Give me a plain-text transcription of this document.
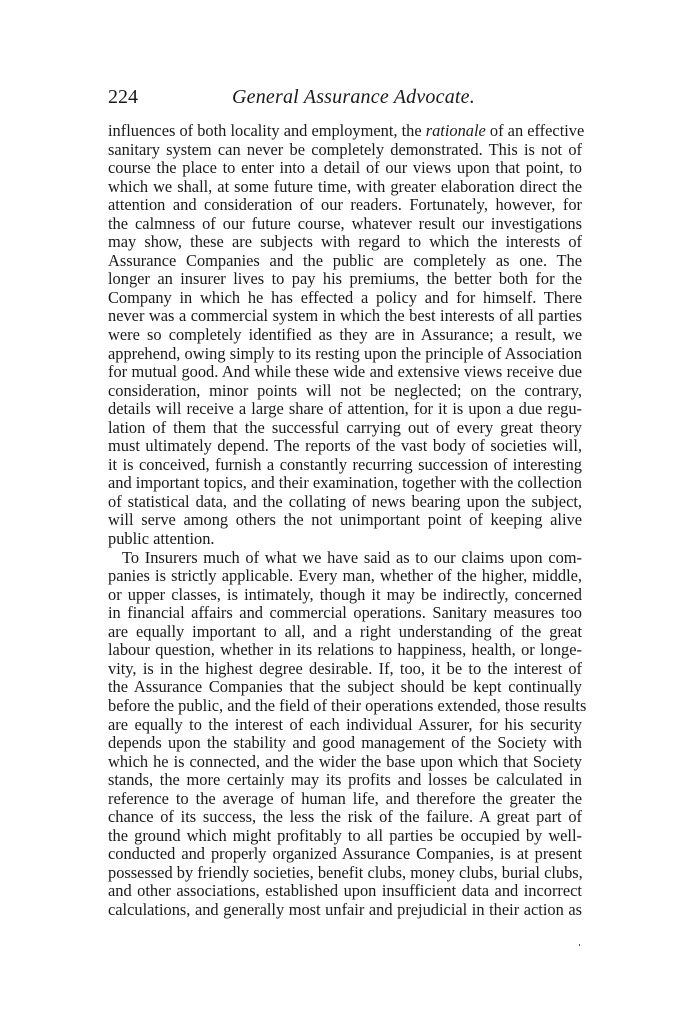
224	General Assurance Advocate.
influences of both locality and employment, the rationale of an effective
sanitary system can never be completely demonstrated. This is not of
course the place to enter into a detail of our views upon that point, to
which we shall, at some future time, with greater elaboration direct the
attention and consideration of our readers. Fortunately, however, for
the calmness of our future course, whatever result our investigations
may show, these are subjects with regard to which the interests of
Assurance Companies and the public are completely as one. The
longer an insurer lives to pay his premiums, the better both for the
Company in which he has effected a policy and for himself. There
never was a commercial system in which the best interests of all parties
were so completely identified as they are in Assurance; a result, we
apprehend, owing simply to its resting upon the principle of Association
for mutual good. And while these wide and extensive views receive due
consideration, minor points will not be neglected; on the contrary,
details will receive a large share of attention, for it is upon a due regu-
lation of them that the successful carrying out of every great theory
must ultimately depend. The reports of the vast body of societies will,
it is conceived, furnish a constantly recurring succession of interesting
and important topics, and their examination, together with the collection
of statistical data, and the collating of news bearing upon the subject,
will serve among others the not unimportant point of keeping alive
public attention.
To Insurers much of what we have said as to our claims upon com-
panies is strictly applicable. Every man, whether of the higher, middle,
or upper classes, is intimately, though it may be indirectly, concerned
in financial affairs and commercial operations. Sanitary measures too
are equally important to all, and a right understanding of the great
labour question, whether in its relations to happiness, health, or longe-
vity, is in the highest degree desirable. If, too, it be to the interest of
the Assurance Companies that the subject should be kept continually
before the public, and the field of their operations extended, those results
are equally to the interest of each individual Assurer, for his security
depends upon the stability and good management of the Society with
which he is connected, and the wider the base upon which that Society
stands, the more certainly may its profits and losses be calculated in
reference to the average of human life, and therefore the greater the
chance of its success, the less the risk of the failure. A great part of
the ground which might profitably to all parties be occupied by well-
conducted and properly organized Assurance Companies, is at present
possessed by friendly societies, benefit clubs, money clubs, burial clubs,
and other associations, established upon insufficient data and incorrect
calculations, and generally most unfair and prejudicial in their action as
